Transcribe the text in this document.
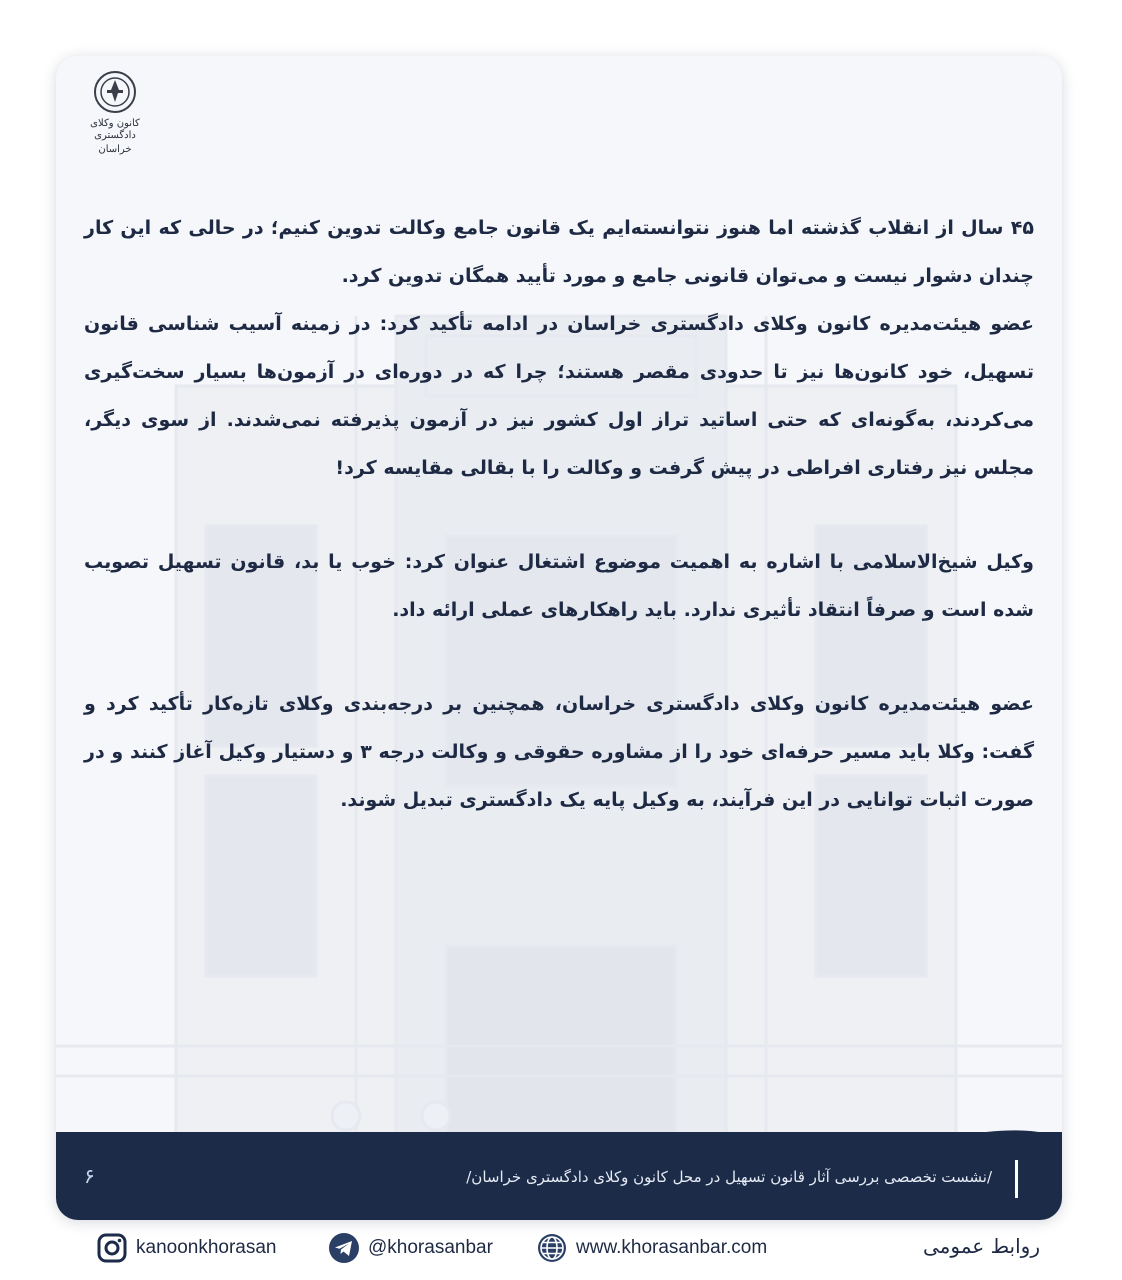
کانون وکلای دادگستری
خراسان

۴۵ سال از انقلاب گذشته اما هنوز نتوانسته‌ایم یک قانون جامع وکالت تدوین کنیم؛ در حالی که این کار چندان دشوار نیست و می‌توان قانونی جامع و مورد تأیید همگان تدوین کرد.

عضو هیئت‌مدیره کانون وکلای دادگستری خراسان در ادامه تأکید کرد: در زمینه آسیب شناسی قانون تسهیل، خود کانون‌ها نیز تا حدودی مقصر هستند؛ چرا که در دوره‌ای در آزمون‌ها بسیار سخت‌گیری می‌کردند، به‌گونه‌ای که حتی اساتید تراز اول کشور نیز در آزمون پذیرفته نمی‌شدند. از سوی دیگر، مجلس نیز رفتاری افراطی در پیش گرفت و وکالت را با بقالی مقایسه کرد!

وکیل شیخ‌الاسلامی با اشاره به اهمیت موضوع اشتغال عنوان کرد: خوب یا بد، قانون تسهیل تصویب شده است و صرفاً انتقاد تأثیری ندارد. باید راهکارهای عملی ارائه داد.

عضو هیئت‌مدیره کانون وکلای دادگستری خراسان، همچنین بر درجه‌بندی وکلای تازه‌کار تأکید کرد و گفت: وکلا باید مسیر حرفه‌ای خود را از مشاوره حقوقی و وکالت درجه ۳ و دستیار وکیل آغاز کنند و در صورت اثبات توانایی در این فرآیند، به وکیل پایه یک دادگستری تبدیل شوند.

/نشست تخصصی بررسی آثار قانون تسهیل در محل کانون وکلای دادگستری خراسان/
۶
kanoonkhorasan	@khorasanbar	www.khorasanbar.com	روابط عمومی
